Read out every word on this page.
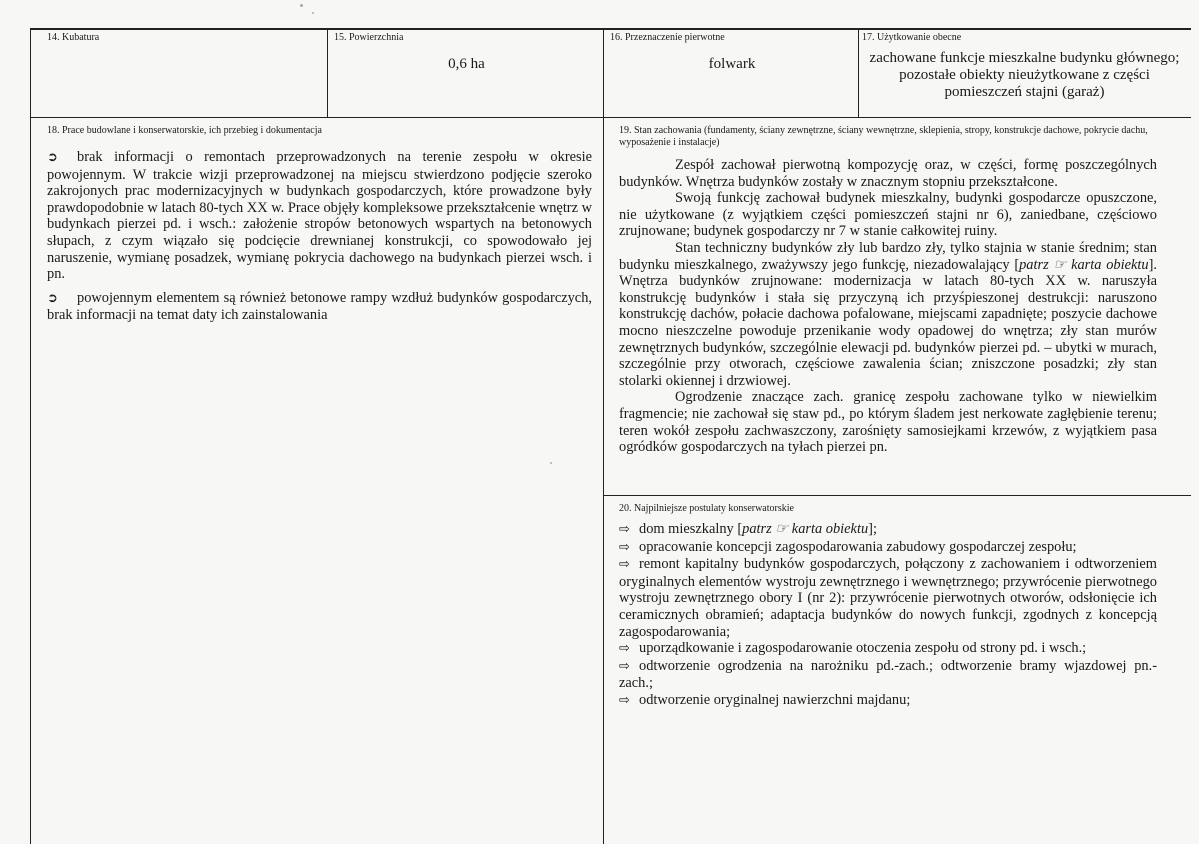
14. Kubatura	15. Powierzchnia
0,6 ha
16. Przeznaczenie pierwotne
folwark
17. Użytkowanie obecne
zachowane funkcje mieszkalne budynku głównego; pozostałe obiekty nieużytkowane z części pomieszczeń stajni (garaż)
18. Prace budowlane i konserwatorskie, ich przebieg i dokumentacja

➲ brak informacji o remontach przeprowadzonych na terenie zespołu w okresie powojennym. W trakcie wizji przeprowadzonej na miejscu stwierdzono podjęcie szeroko zakrojonych prac modernizacyjnych w budynkach gospodarczych, które prowadzone były prawdopodobnie w latach 80-tych XX w. Prace objęły kompleksowe przekształcenie wnętrz w budynkach pierzei pd. i wsch.: założenie stropów betonowych wspartych na betonowych słupach, z czym wiązało się podcięcie drewnianej konstrukcji, co spowodowało jej naruszenie, wymianę posadzek, wymianę pokrycia dachowego na budynkach pierzei wsch. i pn.

➲ powojennym elementem są również betonowe rampy wzdłuż budynków gospodarczych, brak informacji na temat daty ich zainstalowania

19. Stan zachowania (fundamenty, ściany zewnętrzne, ściany wewnętrzne, sklepienia, stropy, konstrukcje dachowe, pokrycie dachu, wyposażenie i instalacje)

Zespół zachował pierwotną kompozycję oraz, w części, formę poszczególnych budynków. Wnętrza budynków zostały w znacznym stopniu przekształcone.

Swoją funkcję zachował budynek mieszkalny, budynki gospodarcze opuszczone, nie użytkowane (z wyjątkiem części pomieszczeń stajni nr 6), zaniedbane, częściowo zrujnowane; budynek gospodarczy nr 7 w stanie całkowitej ruiny.

Stan techniczny budynków zły lub bardzo zły, tylko stajnia w stanie średnim; stan budynku mieszkalnego, zważywszy jego funkcję, niezadowalający [patrz ☞ karta obiektu]. Wnętrza budynków zrujnowane: modernizacja w latach 80-tych XX w. naruszyła konstrukcję budynków i stała się przyczyną ich przyśpieszonej destrukcji: naruszono konstrukcję dachów, połacie dachowa pofalowane, miejscami zapadnięte; poszycie dachowe mocno nieszczelne powoduje przenikanie wody opadowej do wnętrza; zły stan murów zewnętrznych budynków, szczególnie elewacji pd. budynków pierzei pd. – ubytki w murach, szczególnie przy otworach, częściowe zawalenia ścian; zniszczone posadzki; zły stan stolarki okiennej i drzwiowej.

Ogrodzenie znaczące zach. granicę zespołu zachowane tylko w niewielkim fragmencie; nie zachował się staw pd., po którym śladem jest nerkowate zagłębienie terenu; teren wokół zespołu zachwaszczony, zarośnięty samosiejkami krzewów, z wyjątkiem pasa ogródków gospodarczych na tyłach pierzei pn.

20. Najpilniejsze postulaty konserwatorskie
⇨ dom mieszkalny [patrz ☞ karta obiektu];
⇨ opracowanie koncepcji zagospodarowania zabudowy gospodarczej zespołu;
⇨ remont kapitalny budynków gospodarczych, połączony z zachowaniem i odtworzeniem oryginalnych elementów wystroju zewnętrznego i wewnętrznego; przywrócenie pierwotnego wystroju zewnętrznego obory I (nr 2): przywrócenie pierwotnych otworów, odsłonięcie ich ceramicznych obramień; adaptacja budynków do nowych funkcji, zgodnych z koncepcją zagospodarowania;
⇨ uporządkowanie i zagospodarowanie otoczenia zespołu od strony pd. i wsch.;
⇨ odtworzenie ogrodzenia na narożniku pd.-zach.; odtworzenie bramy wjazdowej pn.-zach.;
⇨ odtworzenie oryginalnej nawierzchni majdanu;
